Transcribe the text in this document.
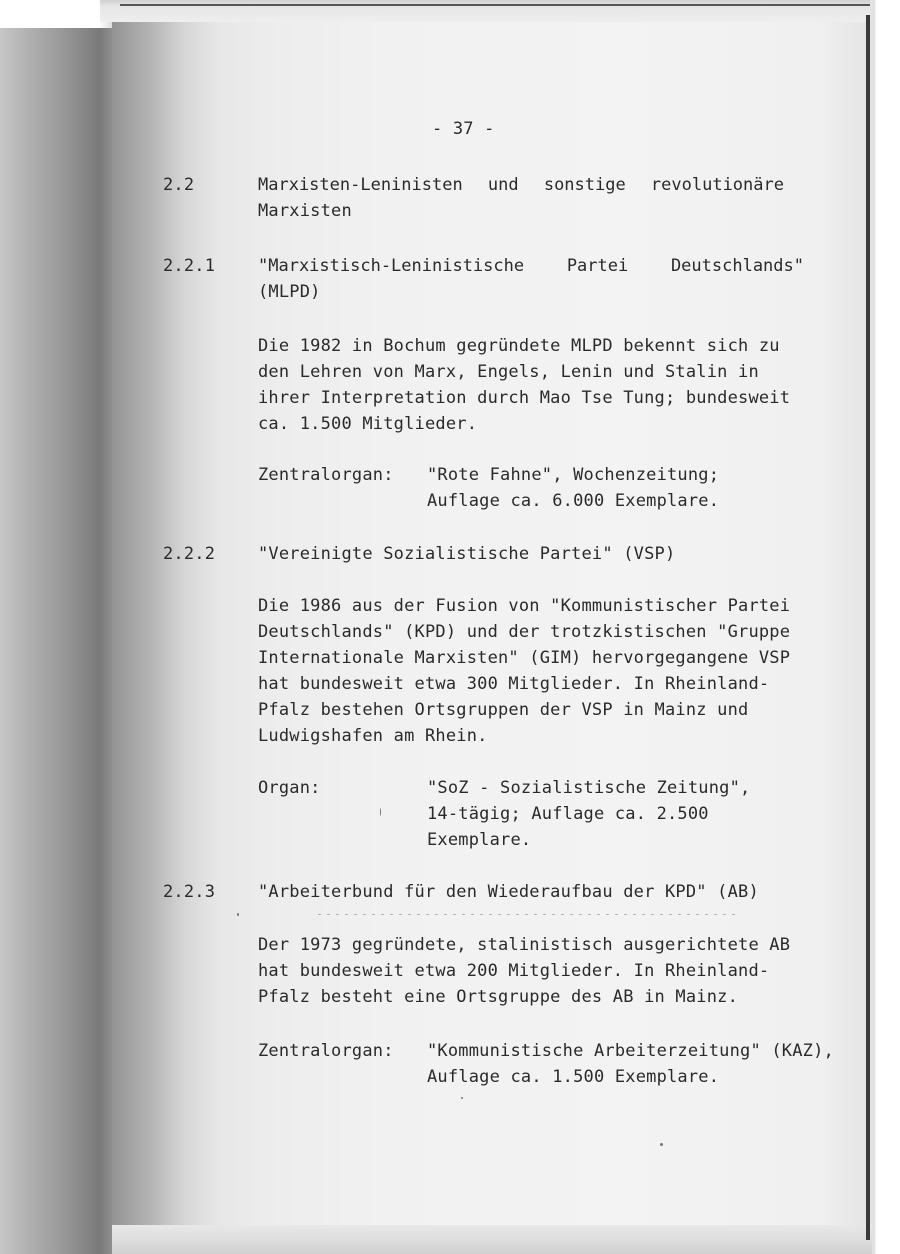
- 37 -
2.2	Marxisten-Leninisten und sonstige revolutionäre
Marxisten
2.2.1	"Marxistisch-Leninistische	Partei	Deutschlands"
(MLPD)
Die 1982 in Bochum gegründete MLPD bekennt sich zu
den Lehren von Marx, Engels, Lenin und Stalin in
ihrer Interpretation durch Mao Tse Tung; bundesweit
ca. 1.500 Mitglieder.
Zentralorgan: "Rote Fahne", Wochenzeitung;
Auflage ca. 6.000 Exemplare.
2.2.2	"Vereinigte Sozialistische Partei" (VSP)
Die 1986 aus der Fusion von "Kommunistischer Partei
Deutschlands" (KPD) und der trotzkistischen "Gruppe
Internationale Marxisten" (GIM) hervorgegangene VSP
hat bundesweit etwa 300 Mitglieder. In Rheinland-
Pfalz bestehen Ortsgruppen der VSP in Mainz und
Ludwigshafen am Rhein.
Organ:	"SoZ - Sozialistische Zeitung",
14-tägig; Auflage ca. 2.500
Exemplare.
2.2.3	"Arbeiterbund für den Wiederaufbau der KPD" (AB)
Der 1973 gegründete, stalinistisch ausgerichtete AB
hat bundesweit etwa 200 Mitglieder. In Rheinland-
Pfalz besteht eine Ortsgruppe des AB in Mainz.
Zentralorgan: "Kommunistische Arbeiterzeitung" (KAZ),
Auflage ca. 1.500 Exemplare.
